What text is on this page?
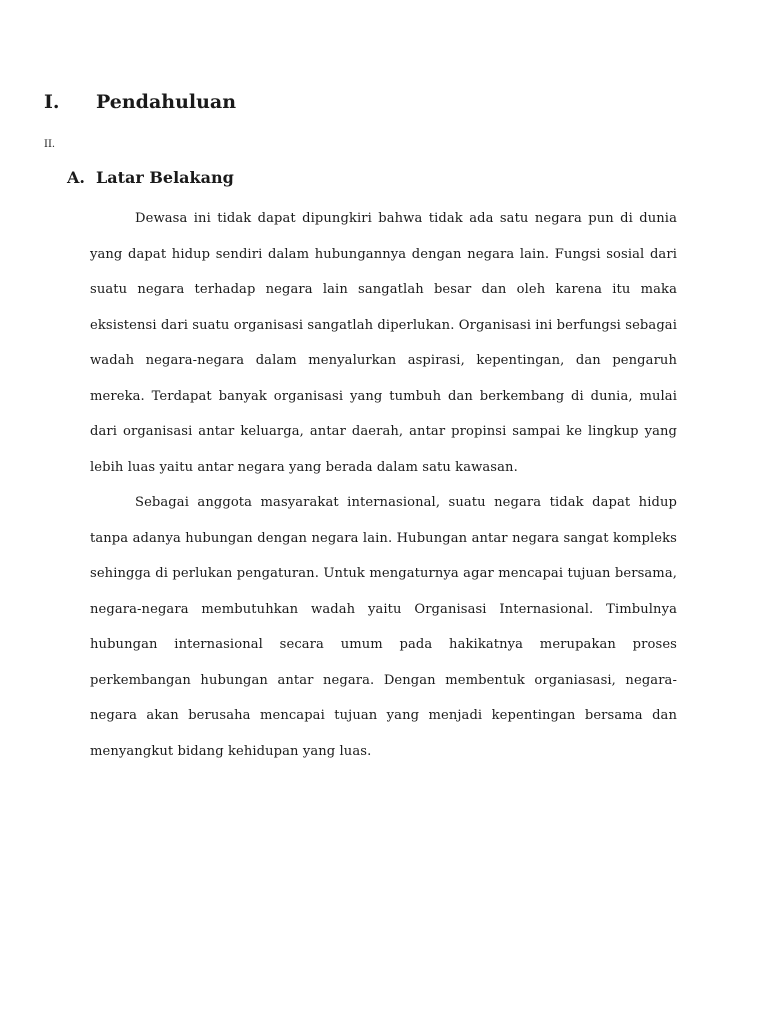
I.	Pendahuluan
II.
A. Latar Belakang

Dewasa ini tidak dapat dipungkiri bahwa tidak ada satu negara pun di dunia yang dapat hidup sendiri dalam hubungannya dengan negara lain. Fungsi sosial dari suatu negara terhadap negara lain sangatlah besar dan oleh karena itu maka eksistensi dari suatu organisasi sangatlah diperlukan. Organisasi ini berfungsi sebagai wadah negara-negara dalam menyalurkan aspirasi, kepentingan, dan pengaruh mereka. Terdapat banyak organisasi yang tumbuh dan berkembang di dunia, mulai dari organisasi antar keluarga, antar daerah, antar propinsi sampai ke lingkup yang lebih luas yaitu antar negara yang berada dalam satu kawasan.

Sebagai anggota masyarakat internasional, suatu negara tidak dapat hidup tanpa adanya hubungan dengan negara lain. Hubungan antar negara sangat kompleks sehingga di perlukan pengaturan. Untuk mengaturnya agar mencapai tujuan bersama, negara-negara membutuhkan wadah yaitu Organisasi Internasional. Timbulnya hubungan internasional secara umum pada hakikatnya merupakan proses perkembangan hubungan antar negara. Dengan membentuk organiasasi, negara-negara akan berusaha mencapai tujuan yang menjadi kepentingan bersama dan menyangkut bidang kehidupan yang luas.
